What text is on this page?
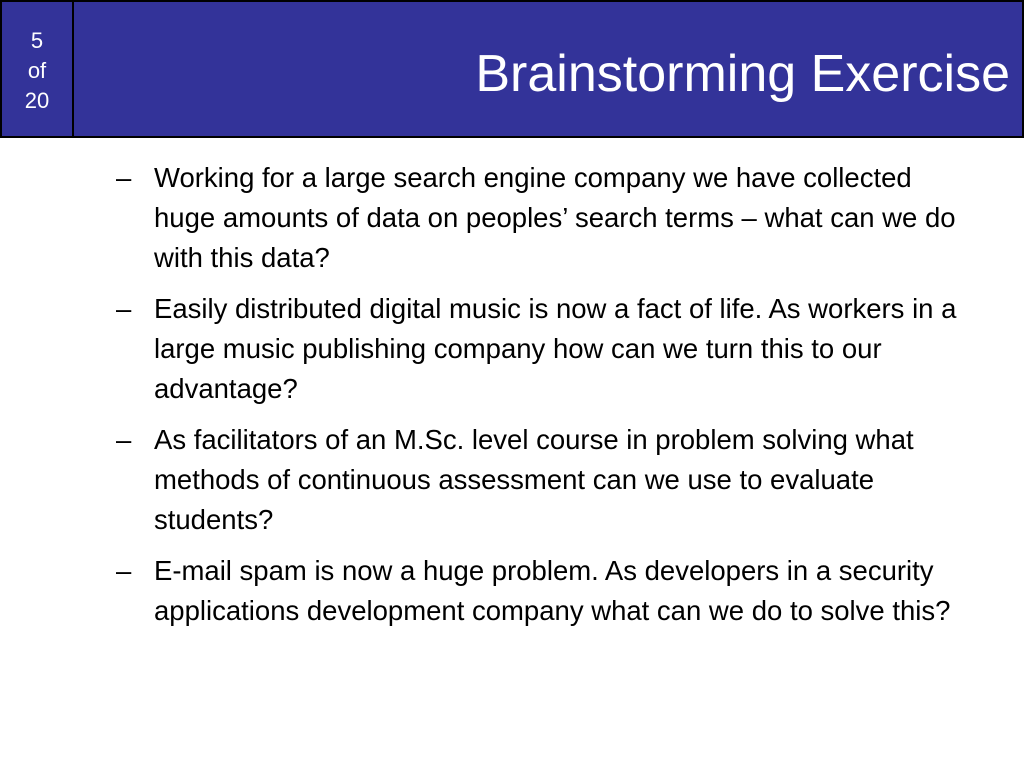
5
of
20	Brainstorming Exercise
– Working for a large search engine company we have collected huge amounts of data on peoples’ search terms – what can we do with this data?
– Easily distributed digital music is now a fact of life. As workers in a large music publishing company how can we turn this to our advantage?
– As facilitators of an M.Sc. level course in problem solving what methods of continuous assessment can we use to evaluate students?
– E-mail spam is now a huge problem. As developers in a security applications development company what can we do to solve this?
